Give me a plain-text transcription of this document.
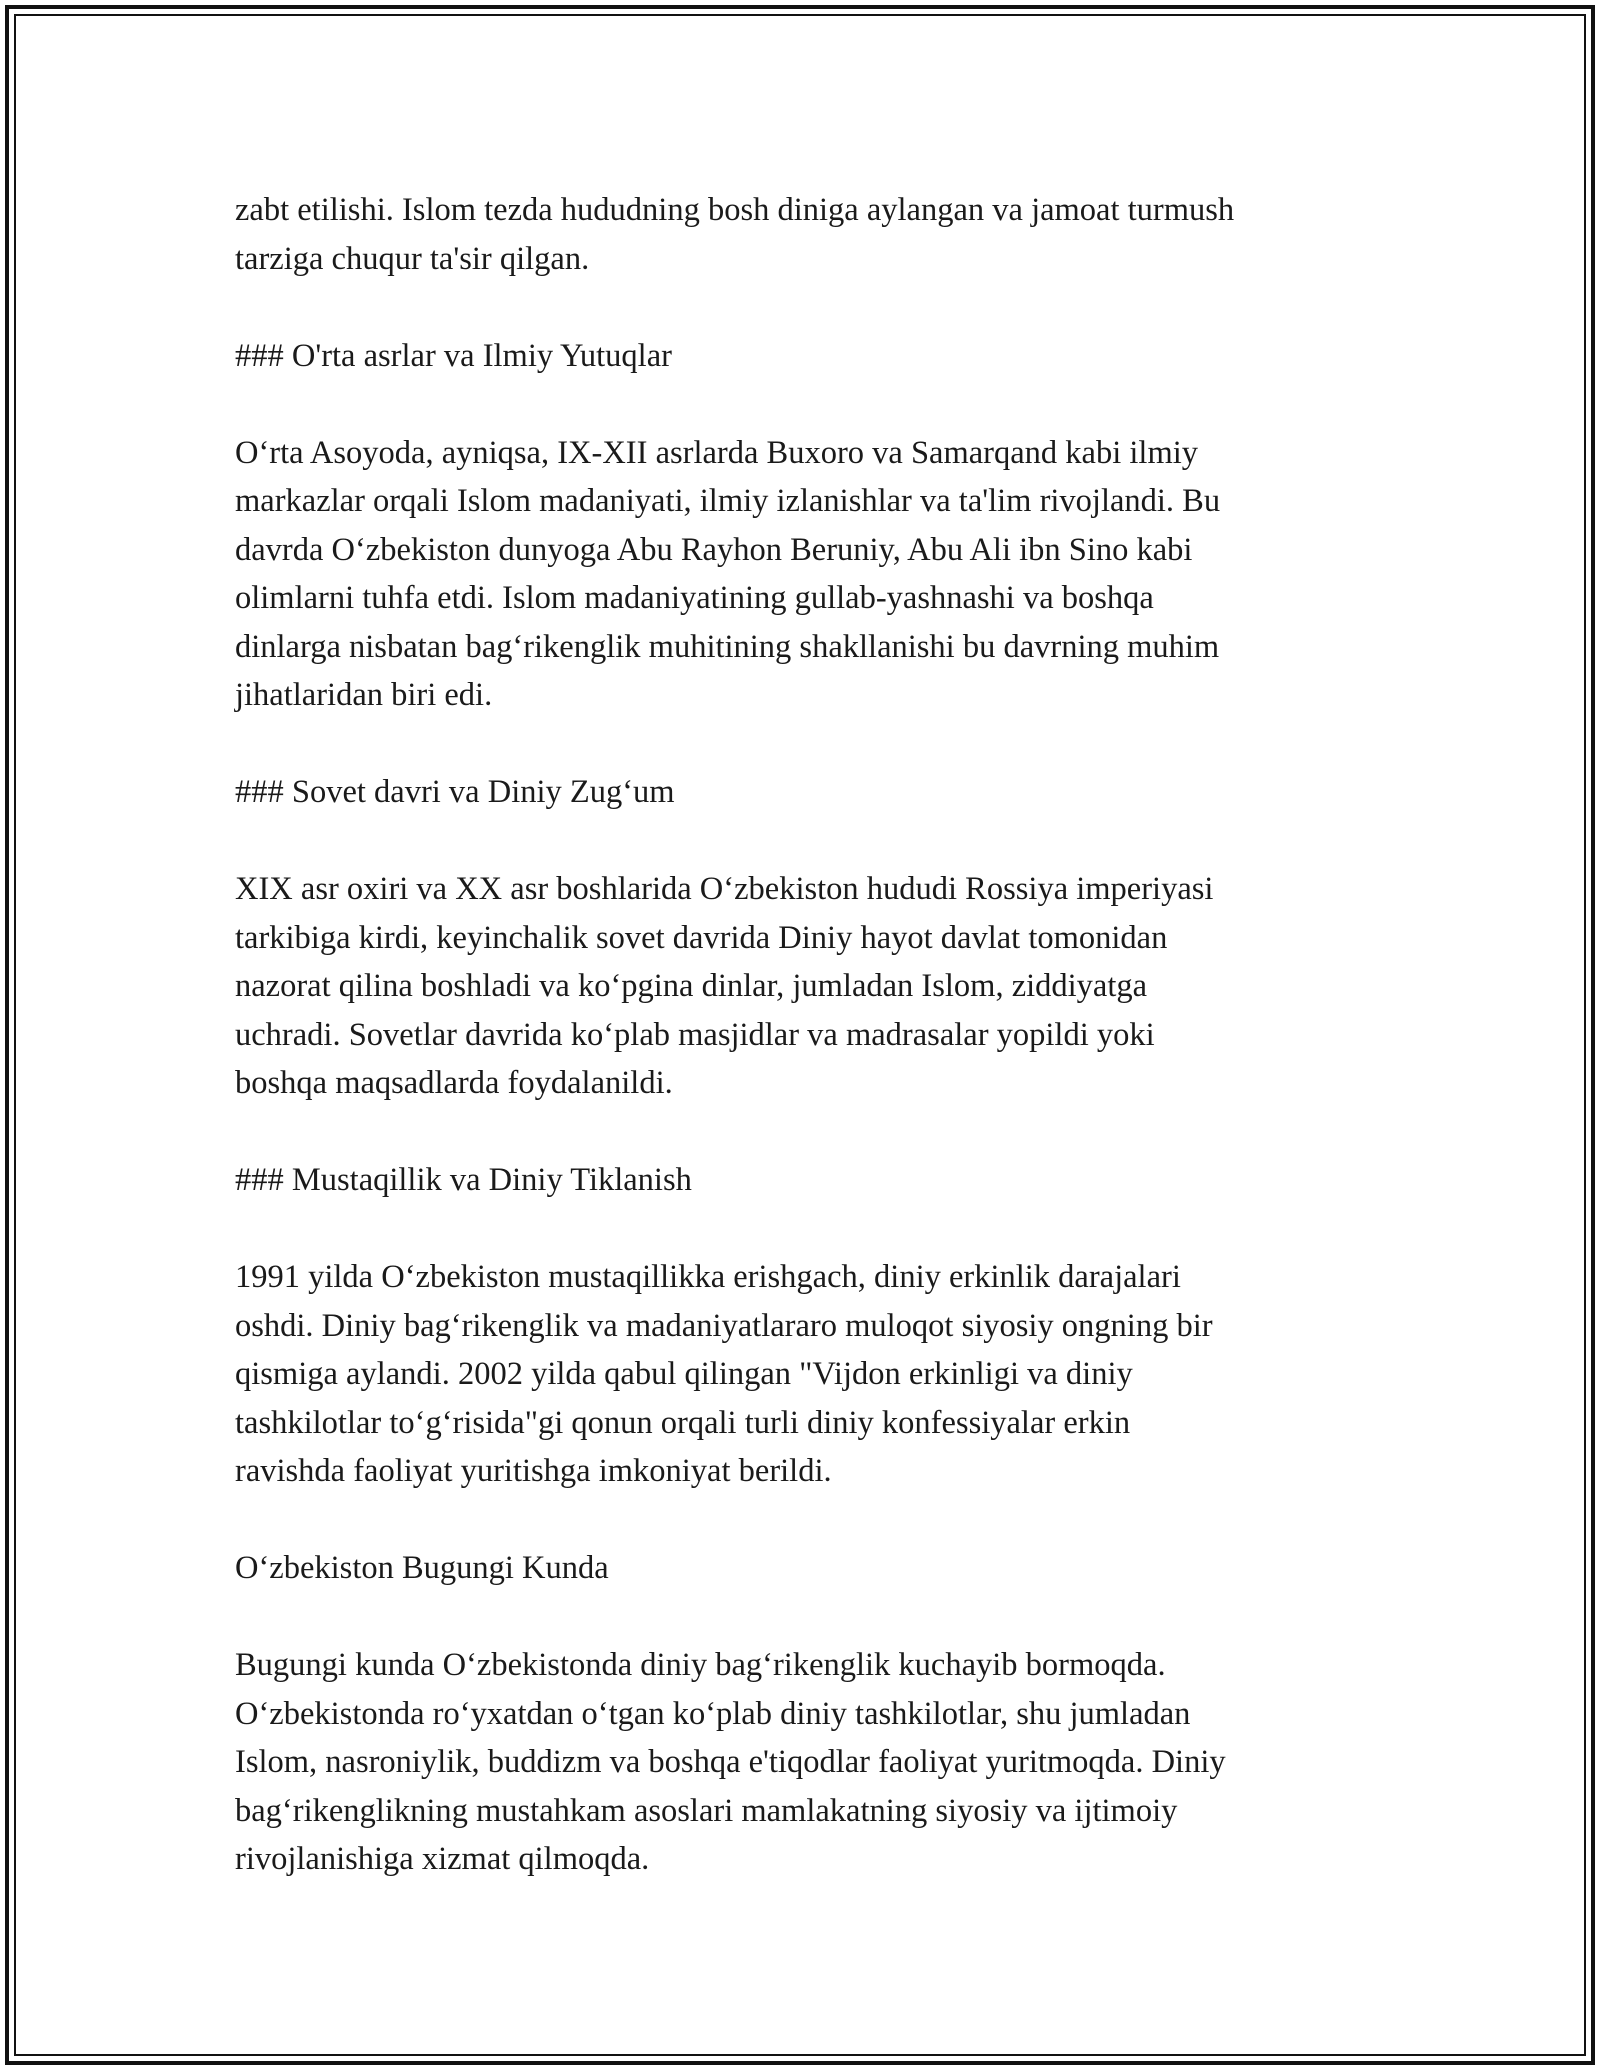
zabt etilishi. Islom tezda hududning bosh diniga aylangan va jamoat turmush
tarziga chuqur ta'sir qilgan.

### O'rta asrlar va Ilmiy Yutuqlar

O‘rta Asoyoda, ayniqsa, IX-XII asrlarda Buxoro va Samarqand kabi ilmiy
markazlar orqali Islom madaniyati, ilmiy izlanishlar va ta'lim rivojlandi. Bu
davrda O‘zbekiston dunyoga Abu Rayhon Beruniy, Abu Ali ibn Sino kabi
olimlarni tuhfa etdi. Islom madaniyatining gullab-yashnashi va boshqa
dinlarga nisbatan bag‘rikenglik muhitining shakllanishi bu davrning muhim
jihatlaridan biri edi.

### Sovet davri va Diniy Zug‘um

XIX asr oxiri va XX asr boshlarida O‘zbekiston hududi Rossiya imperiyasi
tarkibiga kirdi, keyinchalik sovet davrida Diniy hayot davlat tomonidan
nazorat qilina boshladi va ko‘pgina dinlar, jumladan Islom, ziddiyatga
uchradi. Sovetlar davrida ko‘plab masjidlar va madrasalar yopildi yoki
boshqa maqsadlarda foydalanildi.

### Mustaqillik va Diniy Tiklanish

1991 yilda O‘zbekiston mustaqillikka erishgach, diniy erkinlik darajalari
oshdi. Diniy bag‘rikenglik va madaniyatlararo muloqot siyosiy ongning bir
qismiga aylandi. 2002 yilda qabul qilingan "Vijdon erkinligi va diniy
tashkilotlar to‘g‘risida"gi qonun orqali turli diniy konfessiyalar erkin
ravishda faoliyat yuritishga imkoniyat berildi.

O‘zbekiston Bugungi Kunda

Bugungi kunda O‘zbekistonda diniy bag‘rikenglik kuchayib bormoqda.
O‘zbekistonda ro‘yxatdan o‘tgan ko‘plab diniy tashkilotlar, shu jumladan
Islom, nasroniylik, buddizm va boshqa e'tiqodlar faoliyat yuritmoqda. Diniy
bag‘rikenglikning mustahkam asoslari mamlakatning siyosiy va ijtimoiy
rivojlanishiga xizmat qilmoqda.
